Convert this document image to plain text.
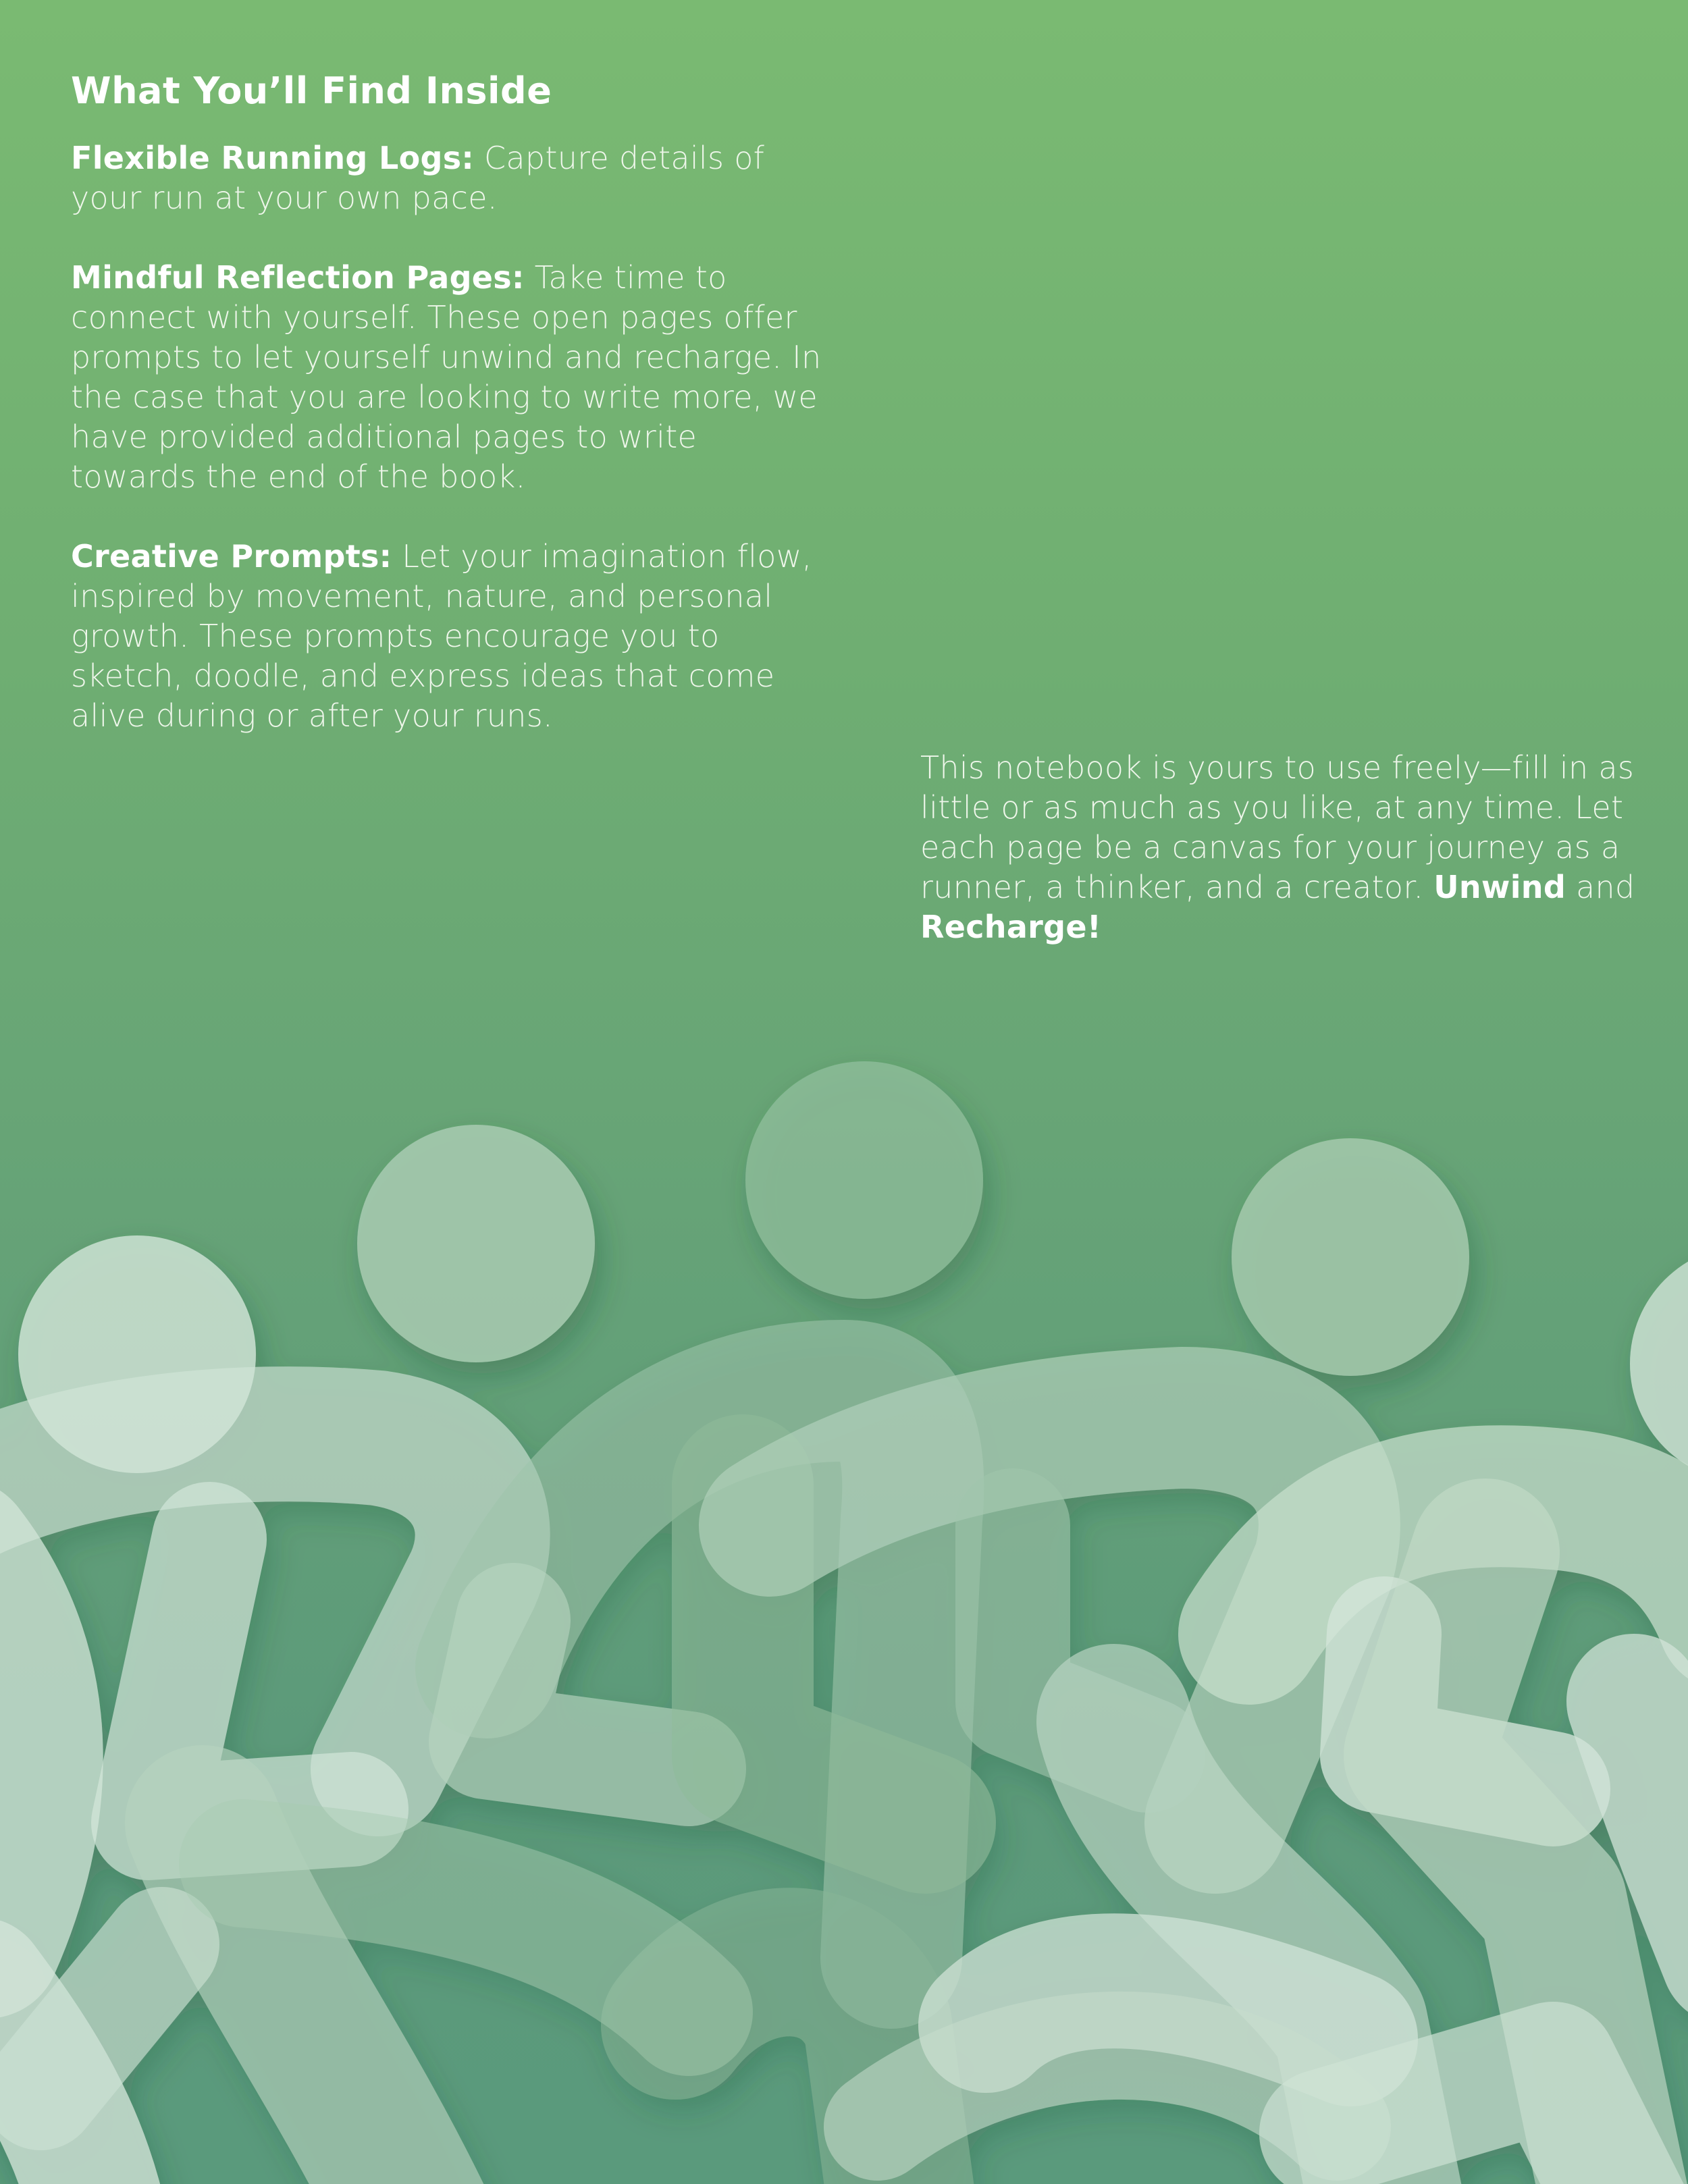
What You’ll Find Inside

Flexible Running Logs: Capture details of your run at your own pace.

Mindful Reflection Pages: Take time to connect with yourself. These open pages offer prompts to let yourself unwind and recharge. In the case that you are looking to write more, we have provided additional pages to write towards the end of the book.

Creative Prompts: Let your imagination flow, inspired by movement, nature, and personal growth. These prompts encourage you to sketch, doodle, and express ideas that come alive during or after your runs.

This notebook is yours to use freely—fill in as little or as much as you like, at any time. Let each page be a canvas for your journey as a runner, a thinker, and a creator. Unwind and Recharge!
